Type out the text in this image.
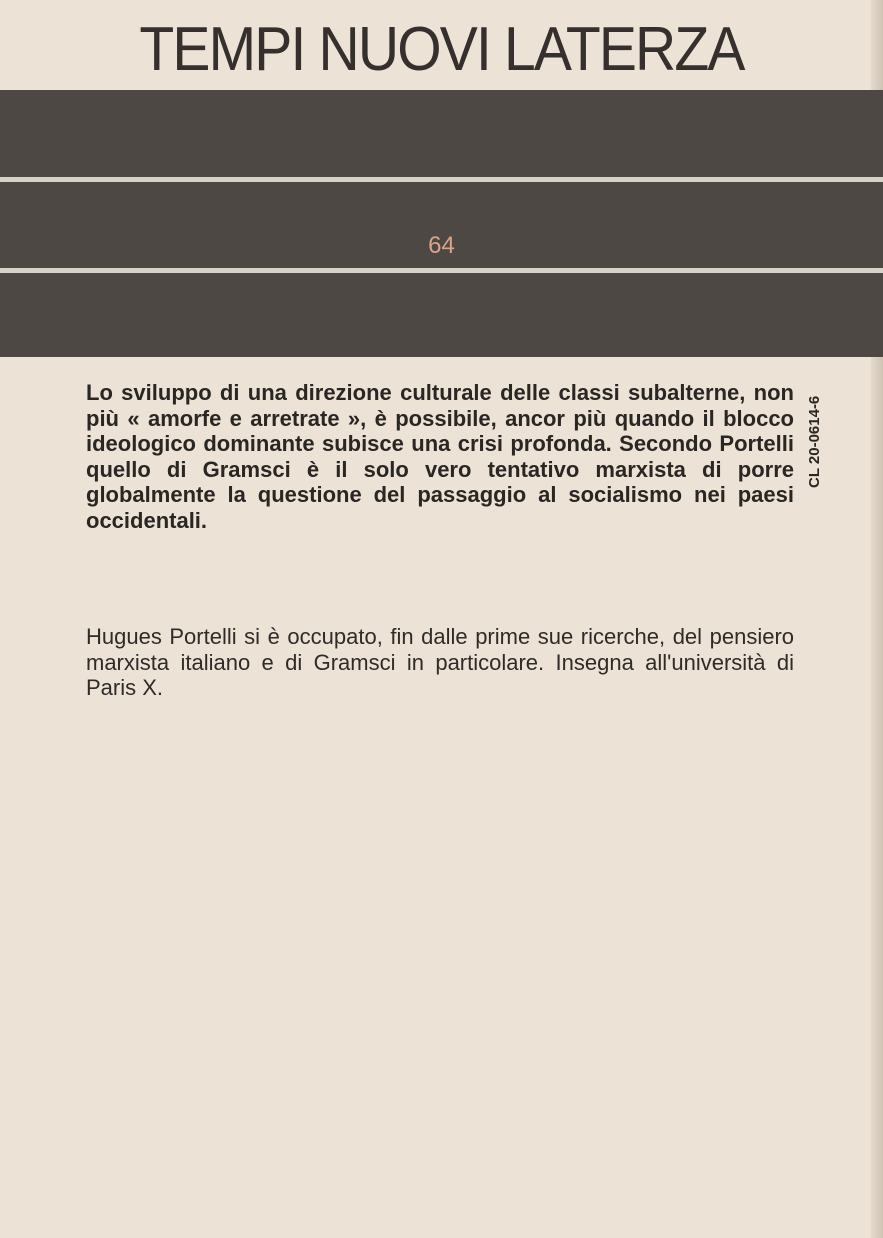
TEMPI NUOVI LATERZA
64

Lo sviluppo di una direzione culturale delle classi subalterne, non più « amorfe e arretrate », è possibile, ancor più quando il blocco ideologico dominante subisce una crisi profonda. Secondo Portelli quello di Gramsci è il solo vero tentativo marxista di porre globalmente la questione del passaggio al socialismo nei paesi occidentali.

Hugues Portelli si è occupato, fin dalle prime sue ricerche, del pensiero marxista italiano e di Gramsci in particolare. Insegna all'università di Paris X.

CL 20-0614-6
